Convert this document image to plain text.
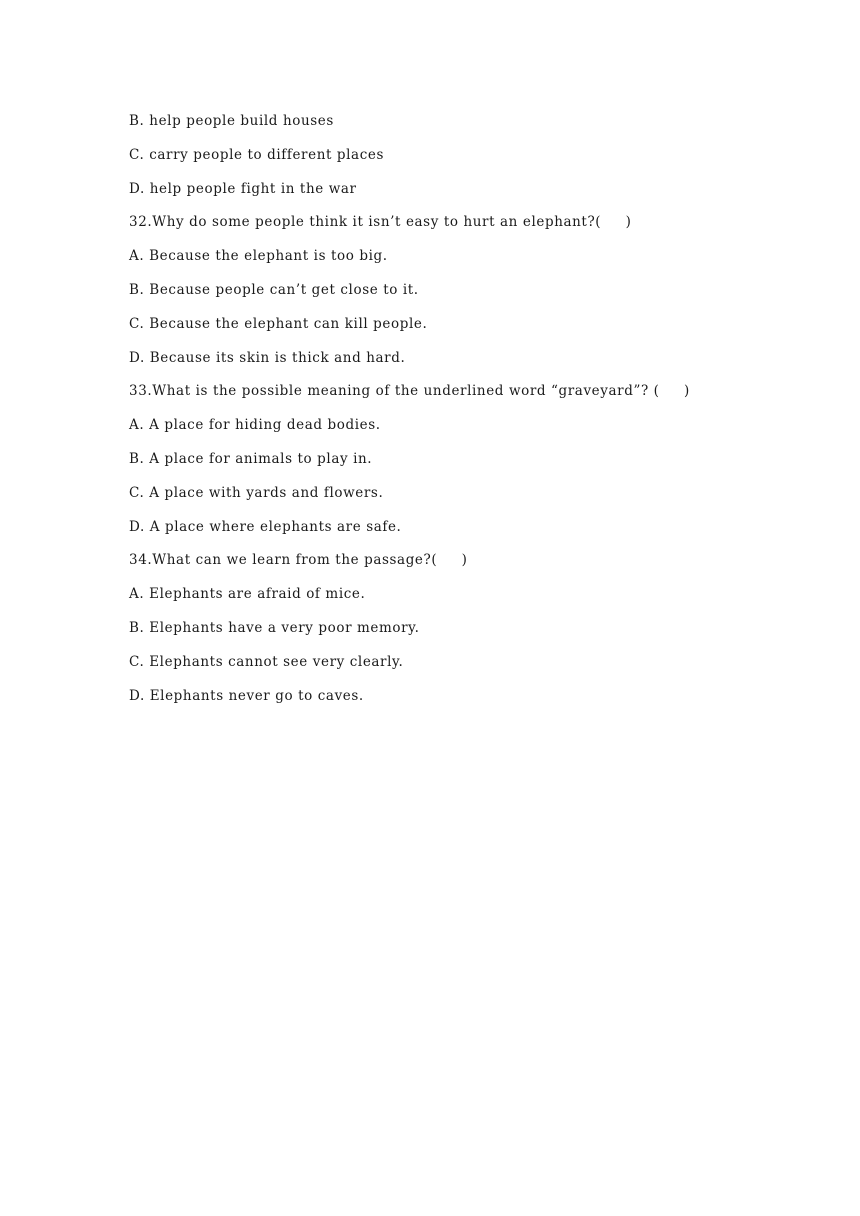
B. help people build houses
C. carry people to different places
D. help people fight in the war
32.Why do some people think it isn’t easy to hurt an elephant?(     )
A. Because the elephant is too big.
B. Because people can’t get close to it.
C. Because the elephant can kill people.
D. Because its skin is thick and hard.
33.What is the possible meaning of the underlined word “graveyard”? (     )
A. A place for hiding dead bodies.
B. A place for animals to play in.
C. A place with yards and flowers.
D. A place where elephants are safe.
34.What can we learn from the passage?(     )
A. Elephants are afraid of mice.
B. Elephants have a very poor memory.
C. Elephants cannot see very clearly.
D. Elephants never go to caves.
